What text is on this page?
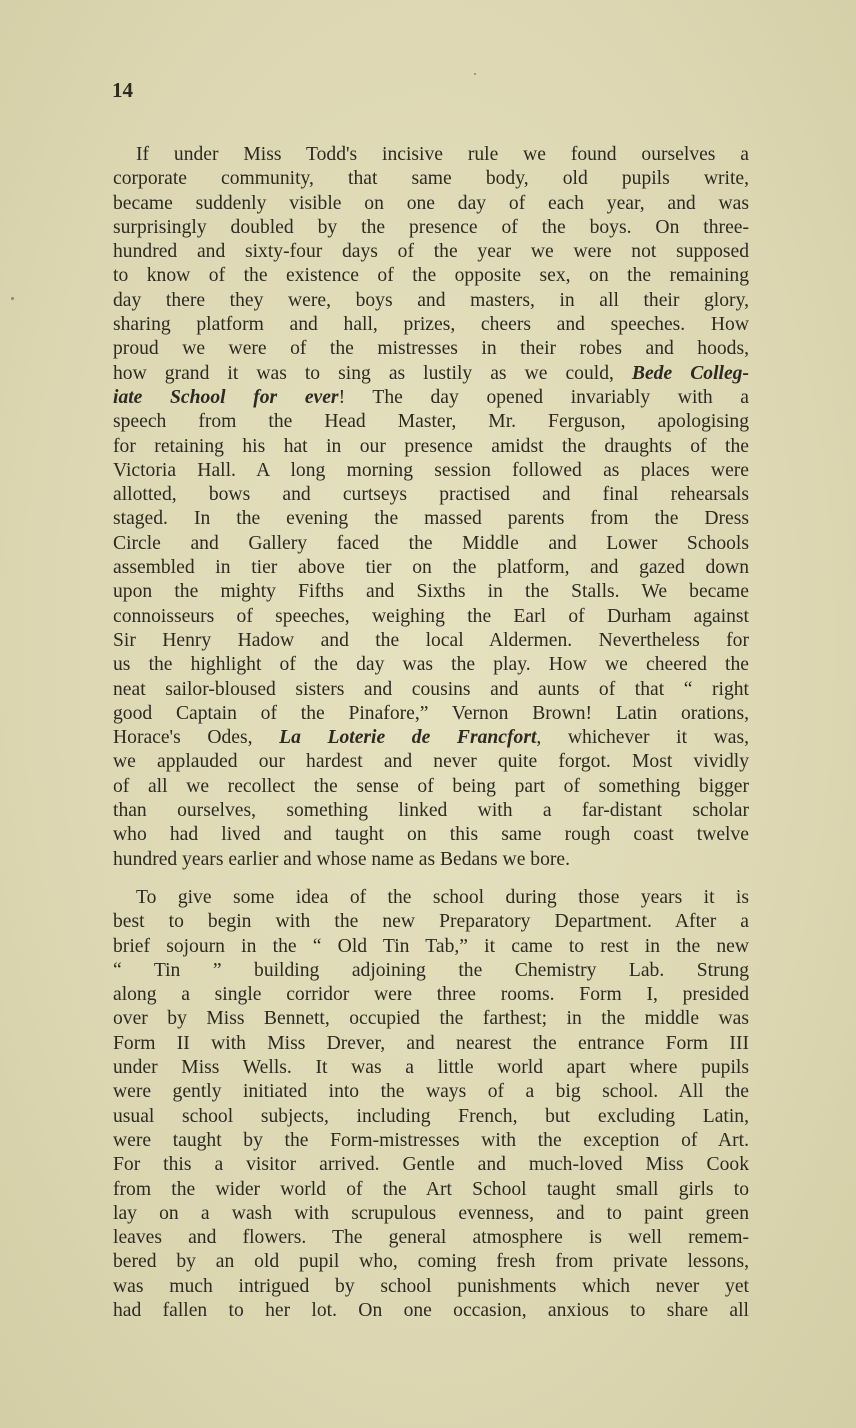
14
If under Miss Todd's incisive rule we found ourselves a
corporate community, that same body, old pupils write,
became suddenly visible on one day of each year, and was
surprisingly doubled by the presence of the boys. On three-
hundred and sixty-four days of the year we were not supposed
to know of the existence of the opposite sex, on the remaining
day there they were, boys and masters, in all their glory,
sharing platform and hall, prizes, cheers and speeches. How
proud we were of the mistresses in their robes and hoods,
how grand it was to sing as lustily as we could, Bede Colleg-
iate School for ever! The day opened invariably with a
speech from the Head Master, Mr. Ferguson, apologising
for retaining his hat in our presence amidst the draughts of the
Victoria Hall. A long morning session followed as places were
allotted, bows and curtseys practised and final rehearsals
staged. In the evening the massed parents from the Dress
Circle and Gallery faced the Middle and Lower Schools
assembled in tier above tier on the platform, and gazed down
upon the mighty Fifths and Sixths in the Stalls. We became
connoisseurs of speeches, weighing the Earl of Durham against
Sir Henry Hadow and the local Aldermen. Nevertheless for
us the highlight of the day was the play. How we cheered the
neat sailor-bloused sisters and cousins and aunts of that “ right
good Captain of the Pinafore,” Vernon Brown! Latin orations,
Horace's Odes, La Loterie de Francfort, whichever it was,
we applauded our hardest and never quite forgot. Most vividly
of all we recollect the sense of being part of something bigger
than ourselves, something linked with a far-distant scholar
who had lived and taught on this same rough coast twelve
hundred years earlier and whose name as Bedans we bore.
To give some idea of the school during those years it is
best to begin with the new Preparatory Department. After a
brief sojourn in the “ Old Tin Tab,” it came to rest in the new
“ Tin ” building adjoining the Chemistry Lab. Strung
along a single corridor were three rooms. Form I, presided
over by Miss Bennett, occupied the farthest; in the middle was
Form II with Miss Drever, and nearest the entrance Form III
under Miss Wells. It was a little world apart where pupils
were gently initiated into the ways of a big school. All the
usual school subjects, including French, but excluding Latin,
were taught by the Form-mistresses with the exception of Art.
For this a visitor arrived. Gentle and much-loved Miss Cook
from the wider world of the Art School taught small girls to
lay on a wash with scrupulous evenness, and to paint green
leaves and flowers. The general atmosphere is well remem-
bered by an old pupil who, coming fresh from private lessons,
was much intrigued by school punishments which never yet
had fallen to her lot. On one occasion, anxious to share all
